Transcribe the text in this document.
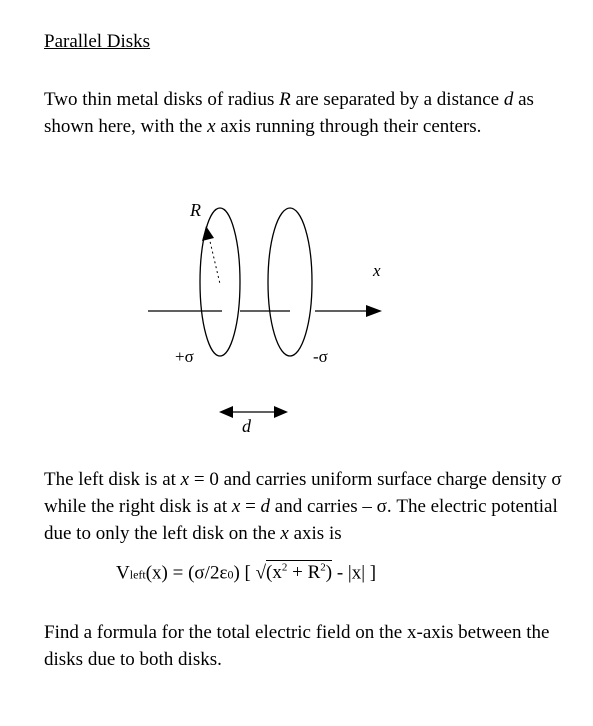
Parallel Disks
Two thin metal disks of radius R are separated by a distance d as shown here, with the x axis running through their centers.
R
x
+σ	-σ
d
The left disk is at x = 0 and carries uniform surface charge density σ while the right disk is at x = d and carries – σ. The electric potential due to only the left disk on the x axis is
Vleft(x) = (σ/2ε0) [ $√(x^2 + R^2) - |x|$ ]
Find a formula for the total electric field on the x-axis between the disks due to both disks.
